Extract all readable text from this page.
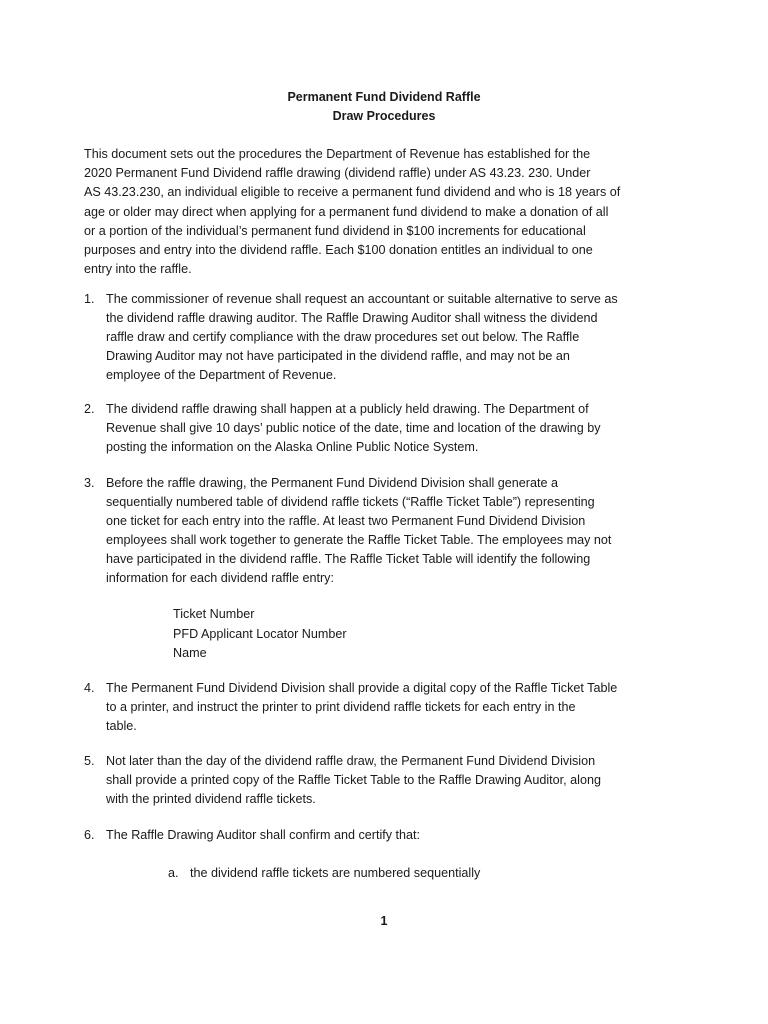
Permanent Fund Dividend Raffle
Draw Procedures
This document sets out the procedures the Department of Revenue has established for the
2020 Permanent Fund Dividend raffle drawing (dividend raffle) under AS 43.23. 230. Under
AS 43.23.230, an individual eligible to receive a permanent fund dividend and who is 18 years of
age or older may direct when applying for a permanent fund dividend to make a donation of all
or a portion of the individual’s permanent fund dividend in $100 increments for educational
purposes and entry into the dividend raffle. Each $100 donation entitles an individual to one
entry into the raffle.
1. The commissioner of revenue shall request an accountant or suitable alternative to serve as
the dividend raffle drawing auditor. The Raffle Drawing Auditor shall witness the dividend
raffle draw and certify compliance with the draw procedures set out below. The Raffle
Drawing Auditor may not have participated in the dividend raffle, and may not be an
employee of the Department of Revenue.
2. The dividend raffle drawing shall happen at a publicly held drawing. The Department of
Revenue shall give 10 days’ public notice of the date, time and location of the drawing by
posting the information on the Alaska Online Public Notice System.
3. Before the raffle drawing, the Permanent Fund Dividend Division shall generate a
sequentially numbered table of dividend raffle tickets (“Raffle Ticket Table”) representing
one ticket for each entry into the raffle. At least two Permanent Fund Dividend Division
employees shall work together to generate the Raffle Ticket Table. The employees may not
have participated in the dividend raffle. The Raffle Ticket Table will identify the following
information for each dividend raffle entry:
Ticket Number
PFD Applicant Locator Number
Name
4. The Permanent Fund Dividend Division shall provide a digital copy of the Raffle Ticket Table
to a printer, and instruct the printer to print dividend raffle tickets for each entry in the
table.
5. Not later than the day of the dividend raffle draw, the Permanent Fund Dividend Division
shall provide a printed copy of the Raffle Ticket Table to the Raffle Drawing Auditor, along
with the printed dividend raffle tickets.
6. The Raffle Drawing Auditor shall confirm and certify that:
a. the dividend raffle tickets are numbered sequentially
1
